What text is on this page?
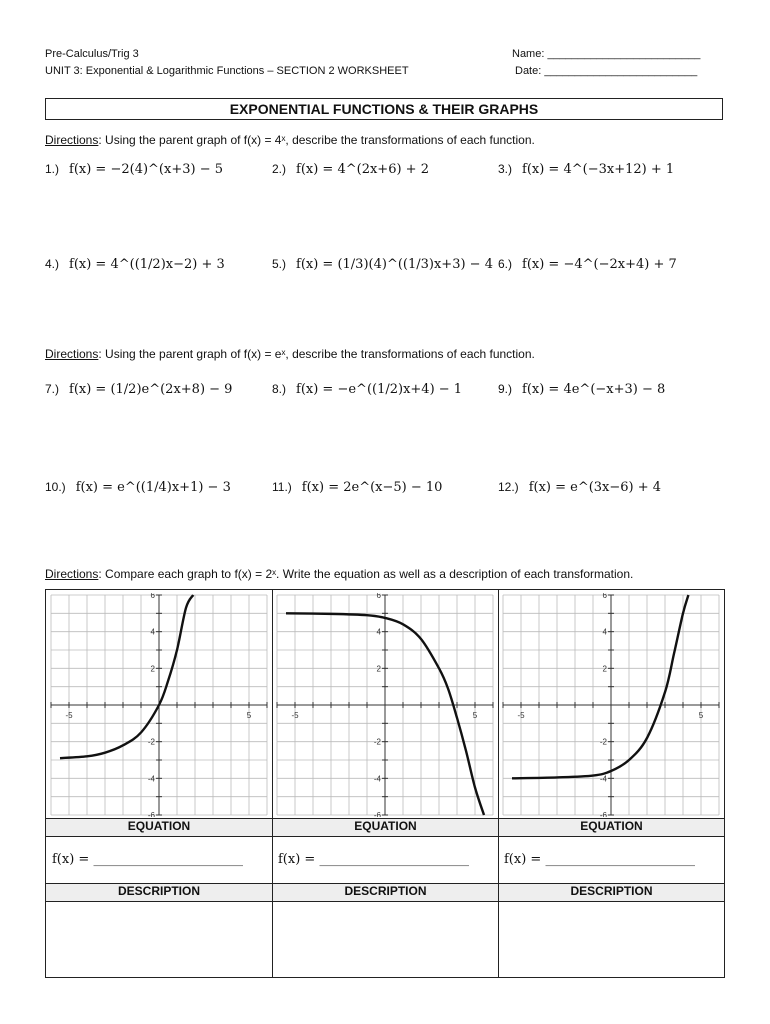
Pre-Calculus/Trig 3
UNIT 3: Exponential & Logarithmic Functions – SECTION 2 WORKSHEET
Name: _________________________
Date: _________________________
EXPONENTIAL FUNCTIONS & THEIR GRAPHS
Directions: Using the parent graph of f(x) = 4ˣ, describe the transformations of each function.
1.) f(x) = −2(4)^(x+3) − 5	2.) f(x) = 4^(2x+6) + 2	3.) f(x) = 4^(−3x+12) + 1
4.) f(x) = 4^((1/2)x−2) + 3	5.) f(x) = (1/3)(4)^((1/3)x+3) − 4 6.) f(x) = −4^(−2x+4) + 7
Directions: Using the parent graph of f(x) = eˣ, describe the transformations of each function.
7.) f(x) = (1/2)e^(2x+8) − 9	8.) f(x) = −e^((1/2)x+4) − 1	9.) f(x) = 4e^(−x+3) − 8
10.) f(x) = e^((1/4)x+1) − 3	11.) f(x) = 2e^(x−5) − 10	12.) f(x) = e^(3x−6) + 4
Directions: Compare each graph to f(x) = 2ˣ. Write the equation as well as a description of each transformation.
-5	5
-6
-4
-2
2
4
6
-5	5
-6
-4
-2
2
4
6
-5	5
-6
-4
-2
2
4
6
EQUATION	EQUATION	EQUATION
f(x) = _______________________	f(x) = _______________________	f(x) = _______________________
DESCRIPTION	DESCRIPTION	DESCRIPTION
